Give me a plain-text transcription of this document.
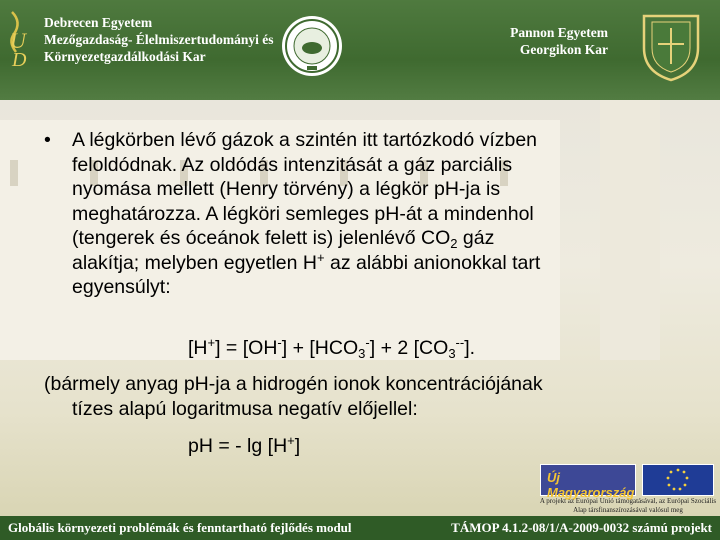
U
D
Debrecen Egyetem
Mezőgazdaság- Élelmiszertudományi és
Környezetgazdálkodási Kar
Pannon Egyetem
Georgikon Kar
• A légkörben lévő gázok a szintén itt tartózkodó vízben
feloldódnak. Az oldódás intenzitását a gáz parciális
nyomása mellett (Henry törvény) a légkör pH-ja is
meghatározza. A légköri semleges pH-át a mindenhol
(tengerek és óceánok felett is) jelenlévő $CO_2$ gáz
alakítja; melyben egyetlen H+ az alábbi anionokkal tart
egyensúlyt:
$[H^+] = [OH^-] + [HCO_3^-] + 2$ $[CO_3^{--}]$.
(bármely anyag pH-ja a hidrogén ionok koncentrációjának
tízes alapú logaritmusa negatív előjellel:
pH = - lg [H+]
Új Magyarország
A projekt az Európai Unió támogatásával, az Európai Szociális Alap társfinanszírozásával valósul meg
Globális környezeti problémák és fenntartható fejlődés modul	TÁMOP 4.1.2-08/1/A-2009-0032 számú projekt
